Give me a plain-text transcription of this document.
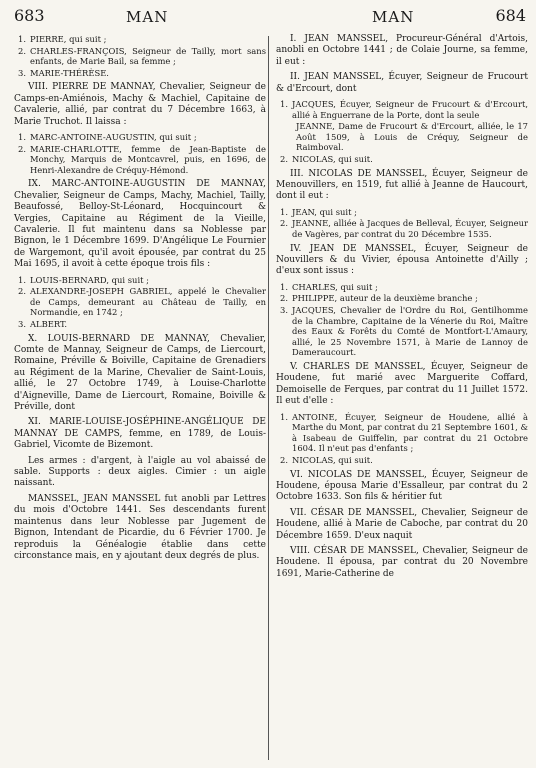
683	MAN	MAN	684
1. PIERRE, qui suit ;
2. CHARLES-FRANÇOIS, Seigneur de Tailly, mort sans enfants, de Marie Bail, sa femme ;
3. MARIE-THÉRÈSE.

VIII. PIERRE DE MANNAY, Chevalier, Seigneur de Camps-en-Amiénois, Machy & Machiel, Capitaine de Cavalerie, allié, par contrat du 7 Décembre 1663, à Marie Truchot. Il laissa :

1. MARC-ANTOINE-AUGUSTIN, qui suit ;
2. MARIE-CHARLOTTE, femme de Jean-Baptiste de Monchy, Marquis de Montcavrel, puis, en 1696, de Henri-Alexandre de Créquy-Hémond.

IX. MARC-ANTOINE-AUGUSTIN DE MANNAY, Chevalier, Seigneur de Camps, Machy, Machiel, Tailly, Beaufossé, Belloy-St-Léonard, Hocquincourt & Vergies, Capitaine au Régiment de la Vieille, Cavalerie. Il fut maintenu dans sa Noblesse par Bignon, le 1 Décembre 1699. D'Angélique Le Fournier de Wargemont, qu'il avoit épousée, par contrat du 25 Mai 1695, il avoit à cette époque trois fils :

1. LOUIS-BERNARD, qui suit ;
2. ALEXANDRE-JOSEPH GABRIEL, appelé le Chevalier de Camps, demeurant au Château de Tailly, en Normandie, en 1742 ;
3. ALBERT.

X. LOUIS-BERNARD DE MANNAY, Chevalier, Comte de Mannay, Seigneur de Camps, de Liercourt, Romaine, Préville & Boiville, Capitaine de Grenadiers au Régiment de la Marine, Chevalier de Saint-Louis, allié, le 27 Octobre 1749, à Louise-Charlotte d'Aigneville, Dame de Liercourt, Romaine, Boiville & Préville, dont

XI. MARIE-LOUISE-JOSÉPHINE-ANGÉLIQUE DE MANNAY DE CAMPS, femme, en 1789, de Louis-Gabriel, Vicomte de Bizemont.

Les armes : d'argent, à l'aigle au vol abaissé de sable. Supports : deux aigles. Cimier : un aigle naissant.

MANSSEL, JEAN MANSSEL fut anobli par Lettres du mois d'Octobre 1441. Ses descendants furent maintenus dans leur Noblesse par Jugement de Bignon, Intendant de Picardie, du 6 Février 1700. Je reproduis la Généalogie établie dans cette circonstance mais, en y ajoutant deux degrés de plus.

I. JEAN MANSSEL, Procureur-Général d'Artois, anobli en Octobre 1441 ; de Colaie Journe, sa femme, il eut :

II. JEAN MANSSEL, Écuyer, Seigneur de Frucourt & d'Ercourt, dont

1. JACQUES, Écuyer, Seigneur de Frucourt & d'Ercourt, allié à Enguerrane de la Porte, dont la seule
JEANNE, Dame de Frucourt & d'Ercourt, alliée, le 17 Août 1509, à Louis de Créquy, Seigneur de Raimboval.
2. NICOLAS, qui suit.

III. NICOLAS DE MANSSEL, Écuyer, Seigneur de Menouvillers, en 1519, fut allié à Jeanne de Haucourt, dont il eut :

1. JEAN, qui suit ;
2. JEANNE, alliée à Jacques de Belleval, Écuyer, Seigneur de Vagères, par contrat du 20 Décembre 1535.

IV. JEAN DE MANSSEL, Écuyer, Seigneur de Nouvillers & du Vivier, épousa Antoinette d'Ailly ; d'eux sont issus :

1. CHARLES, qui suit ;
2. PHILIPPE, auteur de la deuxième branche ;
3. JACQUES, Chevalier de l'Ordre du Roi, Gentilhomme de la Chambre, Capitaine de la Vénerie du Roi, Maître des Eaux & Forêts du Comté de Montfort-L'Amaury, allié, le 25 Novembre 1571, à Marie de Lannoy de Dameraucourt.

V. CHARLES DE MANSSEL, Écuyer, Seigneur de Houdene, fut marié avec Marguerite Coffard, Demoiselle de Ferques, par contrat du 11 Juillet 1572. Il eut d'elle :

1. ANTOINE, Écuyer, Seigneur de Houdene, allié à Marthe du Mont, par contrat du 21 Septembre 1601, & à Isabeau de Guiffelin, par contrat du 21 Octobre 1604. Il n'eut pas d'enfants ;
2. NICOLAS, qui suit.

VI. NICOLAS DE MANSSEL, Écuyer, Seigneur de Houdene, épousa Marie d'Essalleur, par contrat du 2 Octobre 1633. Son fils & héritier fut

VII. CÉSAR DE MANSSEL, Chevalier, Seigneur de Houdene, allié à Marie de Caboche, par contrat du 20 Décembre 1659. D'eux naquit

VIII. CÉSAR DE MANSSEL, Chevalier, Seigneur de Houdene. Il épousa, par contrat du 20 Novembre 1691, Marie-Catherine de
